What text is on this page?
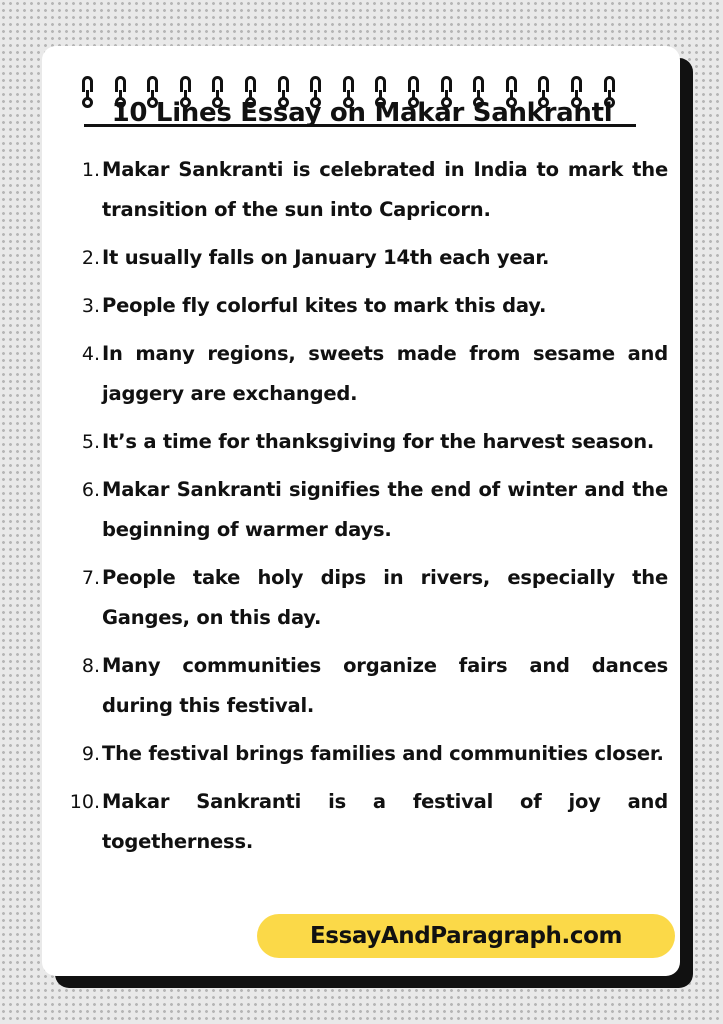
10 Lines Essay on Makar Sankranti
1. Makar Sankranti is celebrated in India to mark the transition of the sun into Capricorn.
2. It usually falls on January 14th each year.
3. People fly colorful kites to mark this day.
4. In many regions, sweets made from sesame and jaggery are exchanged.
5. It’s a time for thanksgiving for the harvest season.
6. Makar Sankranti signifies the end of winter and the beginning of warmer days.
7. People take holy dips in rivers, especially the Ganges, on this day.
8. Many communities organize fairs and dances during this festival.
9. The festival brings families and communities closer.
10. Makar Sankranti is a festival of joy and togetherness.
EssayAndParagraph.com
